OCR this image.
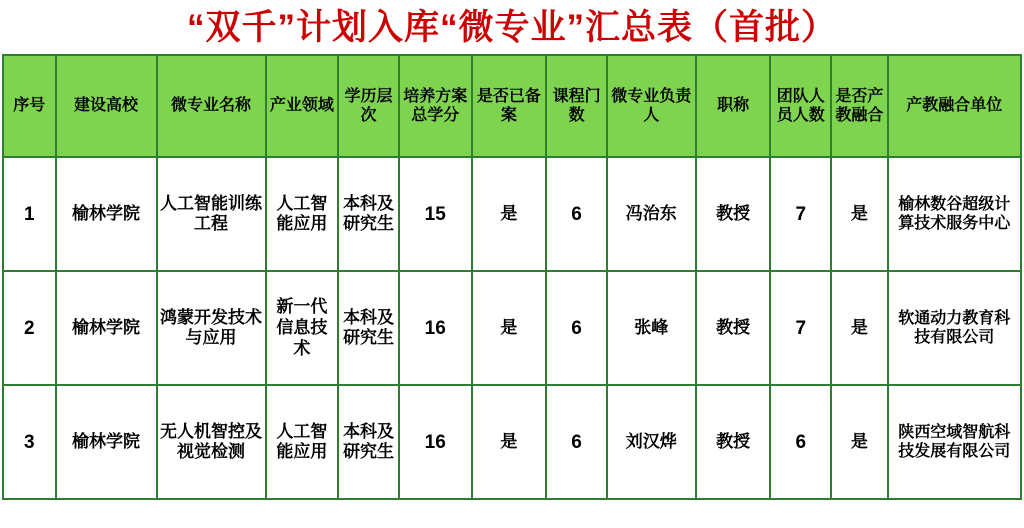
“双千”计划入库“微专业”汇总表（首批）
序号	建设高校	微专业名称	产业领域	学历层次	培养方案总学分	是否已备案	课程门数	微专业负责人	职称	团队人员人数	是否产教融合	产教融合单位
1	榆林学院	人工智能训练工程	人工智能应用	本科及研究生	15	是	6	冯治东	教授	7	是	榆林数谷超级计算技术服务中心
2	榆林学院	鸿蒙开发技术与应用	新一代信息技术	本科及研究生	16	是	6	张峰	教授	7	是	软通动力教育科技有限公司
3	榆林学院	无人机智控及视觉检测	人工智能应用	本科及研究生	16	是	6	刘汉烨	教授	6	是	陕西空域智航科技发展有限公司
